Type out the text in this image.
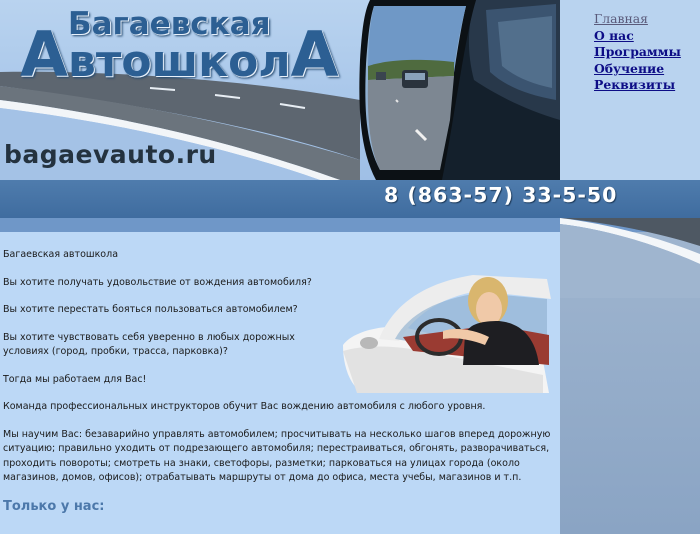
Багаевская
АвтошколА
bagaevauto.ru
Главная
О нас
Программы
Обучение
Реквизиты
8 (863-57) 33-5-50

Багаевская автошкола

Вы хотите получать удовольствие от вождения автомобиля?

Вы хотите перестать бояться пользоваться автомобилем?

Вы хотите чувствовать себя уверенно в любых дорожных условиях (город, пробки, трасса, парковка)?

Тогда мы работаем для Вас!

Команда профессиональных инструкторов обучит Вас вождению автомобиля с любого уровня.

Мы научим Вас: безаварийно управлять автомобилем; просчитывать на несколько шагов вперед дорожную ситуацию; правильно уходить от подрезающего автомобиля; перестраиваться, обгонять, разворачиваться, проходить повороты; смотреть на знаки, светофоры, разметки; парковаться на улицах города (около магазинов, домов, офисов); отрабатывать маршруты от дома до офиса, места учебы, магазинов и т.п.

Только у нас:
